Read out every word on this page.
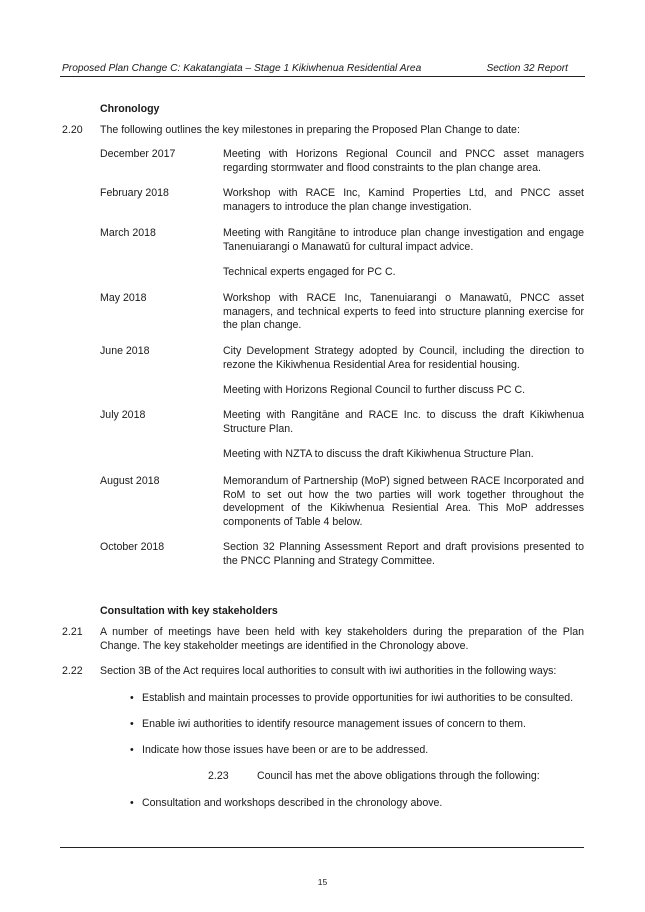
Proposed Plan Change C: Kakatangiata – Stage 1 Kikiwhenua Residential Area	Section 32 Report
Chronology
2.20 The following outlines the key milestones in preparing the Proposed Plan Change to date:
December 2017	Meeting with Horizons Regional Council and PNCC asset managers regarding stormwater and flood constraints to the plan change area.
February 2018	Workshop with RACE Inc, Kamind Properties Ltd, and PNCC asset managers to introduce the plan change investigation.
March 2018	Meeting with Rangitāne to introduce plan change investigation and engage Tanenuiarangi o Manawatū for cultural impact advice.
Technical experts engaged for PC C.
May 2018	Workshop with RACE Inc, Tanenuiarangi o Manawatū, PNCC asset managers, and technical experts to feed into structure planning exercise for the plan change.
June 2018	City Development Strategy adopted by Council, including the direction to rezone the Kikiwhenua Residential Area for residential housing.
Meeting with Horizons Regional Council to further discuss PC C.
July 2018	Meeting with Rangitāne and RACE Inc. to discuss the draft Kikiwhenua Structure Plan.
Meeting with NZTA to discuss the draft Kikiwhenua Structure Plan.
August 2018	Memorandum of Partnership (MoP) signed between RACE Incorporated and RoM to set out how the two parties will work together throughout the development of the Kikiwhenua Resiential Area. This MoP addresses components of Table 4 below.
October 2018	Section 32 Planning Assessment Report and draft provisions presented to the PNCC Planning and Strategy Committee.
Consultation with key stakeholders
2.21 A number of meetings have been held with key stakeholders during the preparation of the Plan Change. The key stakeholder meetings are identified in the Chronology above.
2.22 Section 3B of the Act requires local authorities to consult with iwi authorities in the following ways:
• Establish and maintain processes to provide opportunities for iwi authorities to be consulted.
• Enable iwi authorities to identify resource management issues of concern to them.
• Indicate how those issues have been or are to be addressed.
2.23	Council has met the above obligations through the following:
• Consultation and workshops described in the chronology above.
15
